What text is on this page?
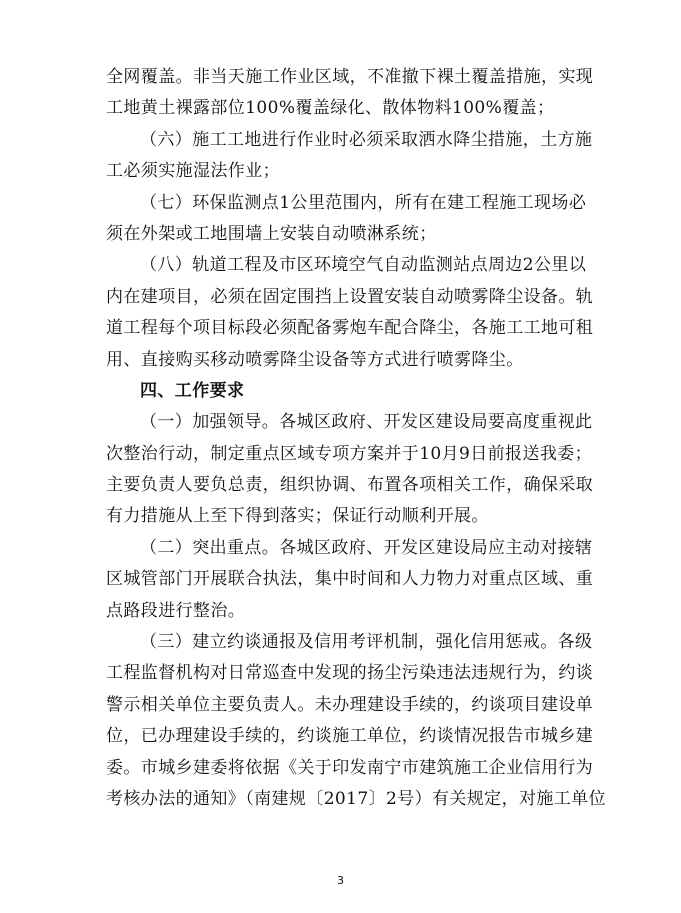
全网覆盖。非当天施工作业区域，不准撤下裸土覆盖措施，实现
工地黄土裸露部位100%覆盖绿化、散体物料100%覆盖；
（六）施工工地进行作业时必须采取洒水降尘措施，土方施
工必须实施湿法作业；
（七）环保监测点1公里范围内，所有在建工程施工现场必
须在外架或工地围墙上安装自动喷淋系统；
（八）轨道工程及市区环境空气自动监测站点周边2公里以
内在建项目，必须在固定围挡上设置安装自动喷雾降尘设备。轨
道工程每个项目标段必须配备雾炮车配合降尘，各施工工地可租
用、直接购买移动喷雾降尘设备等方式进行喷雾降尘。
四、工作要求
（一）加强领导。各城区政府、开发区建设局要高度重视此
次整治行动，制定重点区域专项方案并于10月9日前报送我委；
主要负责人要负总责，组织协调、布置各项相关工作，确保采取
有力措施从上至下得到落实；保证行动顺利开展。
（二）突出重点。各城区政府、开发区建设局应主动对接辖
区城管部门开展联合执法，集中时间和人力物力对重点区域、重
点路段进行整治。
（三）建立约谈通报及信用考评机制，强化信用惩戒。各级
工程监督机构对日常巡查中发现的扬尘污染违法违规行为，约谈
警示相关单位主要负责人。未办理建设手续的，约谈项目建设单
位，已办理建设手续的，约谈施工单位，约谈情况报告市城乡建
委。市城乡建委将依据《关于印发南宁市建筑施工企业信用行为
考核办法的通知》（南建规〔2017〕2号）有关规定，对施工单位
3
